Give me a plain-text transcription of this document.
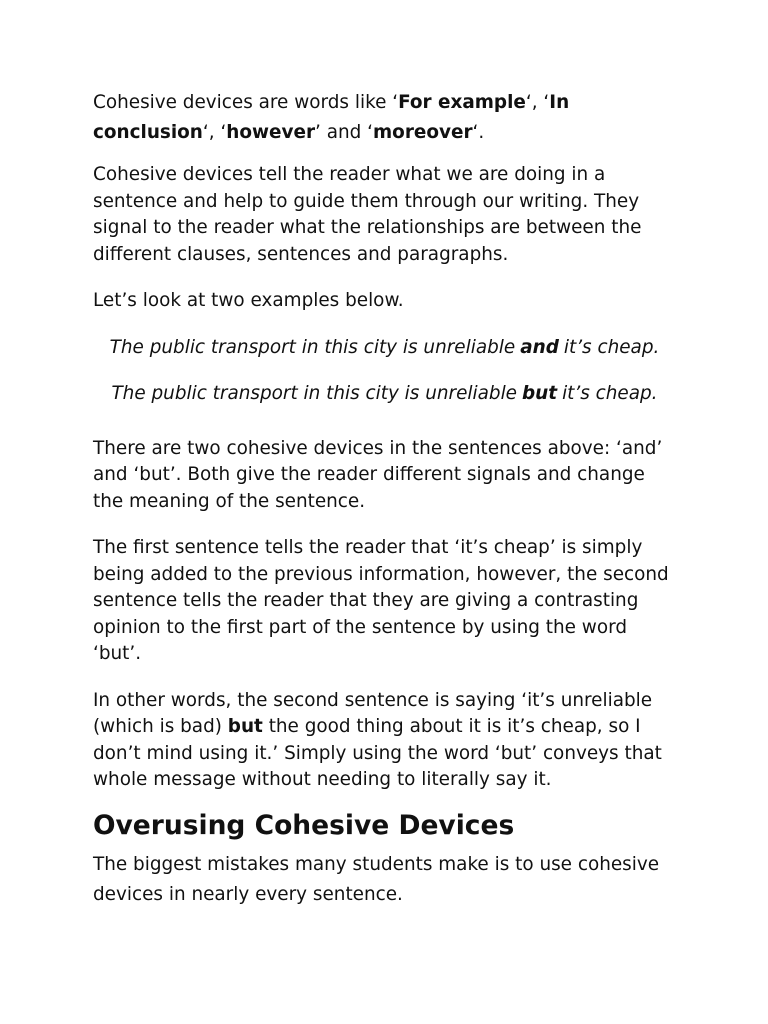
Cohesive devices are words like ‘For example‘, ‘In conclusion‘, ‘however’ and ‘moreover‘.

Cohesive devices tell the reader what we are doing in a sentence and help to guide them through our writing. They signal to the reader what the relationships are between the different clauses, sentences and paragraphs.

Let’s look at two examples below.

The public transport in this city is unreliable and it’s cheap.

The public transport in this city is unreliable but it’s cheap.

There are two cohesive devices in the sentences above: ‘and’ and ‘but’. Both give the reader different signals and change the meaning of the sentence.

The first sentence tells the reader that ‘it’s cheap’ is simply being added to the previous information, however, the second sentence tells the reader that they are giving a contrasting opinion to the first part of the sentence by using the word ‘but’.

In other words, the second sentence is saying ‘it’s unreliable (which is bad) but the good thing about it is it’s cheap, so I don’t mind using it.’ Simply using the word ‘but’ conveys that whole message without needing to literally say it.

Overusing Cohesive Devices

The biggest mistakes many students make is to use cohesive devices in nearly every sentence.
